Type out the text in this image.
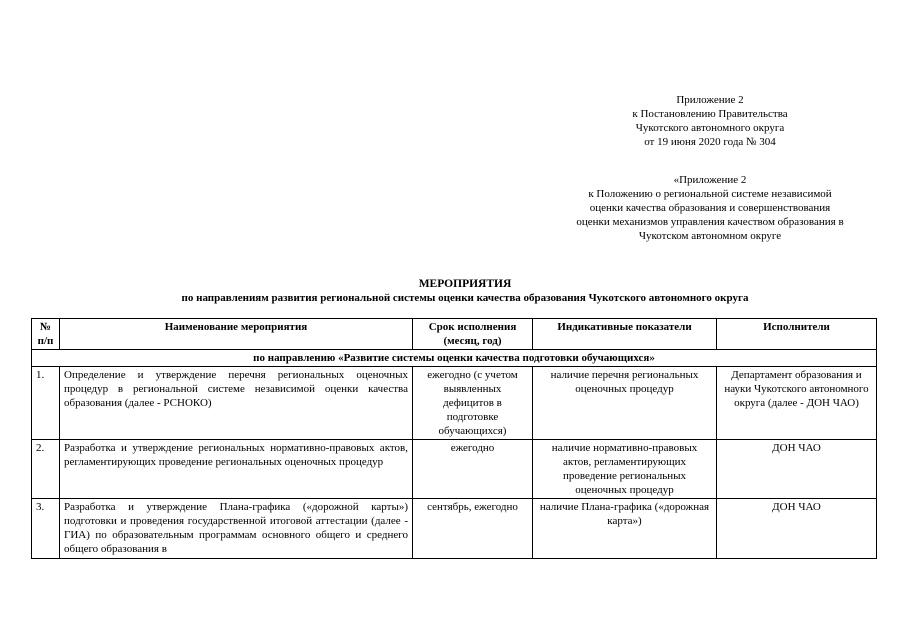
Приложение 2
к Постановлению Правительства
Чукотского автономного округа
от 19 июня 2020 года № 304
«Приложение 2
к Положению о региональной системе независимой
оценки качества образования и совершенствования
оценки механизмов управления качеством образования в
Чукотском автономном округе
МЕРОПРИЯТИЯ
по направлениям развития региональной системы оценки качества образования Чукотского автономного округа
№ п/п	Наименование мероприятия	Срок исполнения (месяц, год)	Индикативные показатели	Исполнители
по направлению «Развитие системы оценки качества подготовки обучающихся»				
1.	Определение и утверждение перечня региональных оценочных процедур в региональной системе независимой оценки качества образования (далее - РСНОКО)	ежегодно (с учетом выявленных дефицитов в подготовке обучающихся)	наличие перечня региональных оценочных процедур	Департамент образования и науки Чукотского автономного округа (далее - ДОН ЧАО)
2.	Разработка и утверждение региональных нормативно-правовых актов, регламентирующих проведение региональных оценочных процедур	ежегодно	наличие нормативно-правовых актов, регламентирующих проведение региональных оценочных процедур	ДОН ЧАО
3.	Разработка и утверждение Плана-графика («дорожной карты») подготовки и проведения государственной итоговой аттестации (далее - ГИА) по образовательным программам основного общего и среднего общего образования в	сентябрь, ежегодно	наличие Плана-графика («дорожная карта»)	ДОН ЧАО
